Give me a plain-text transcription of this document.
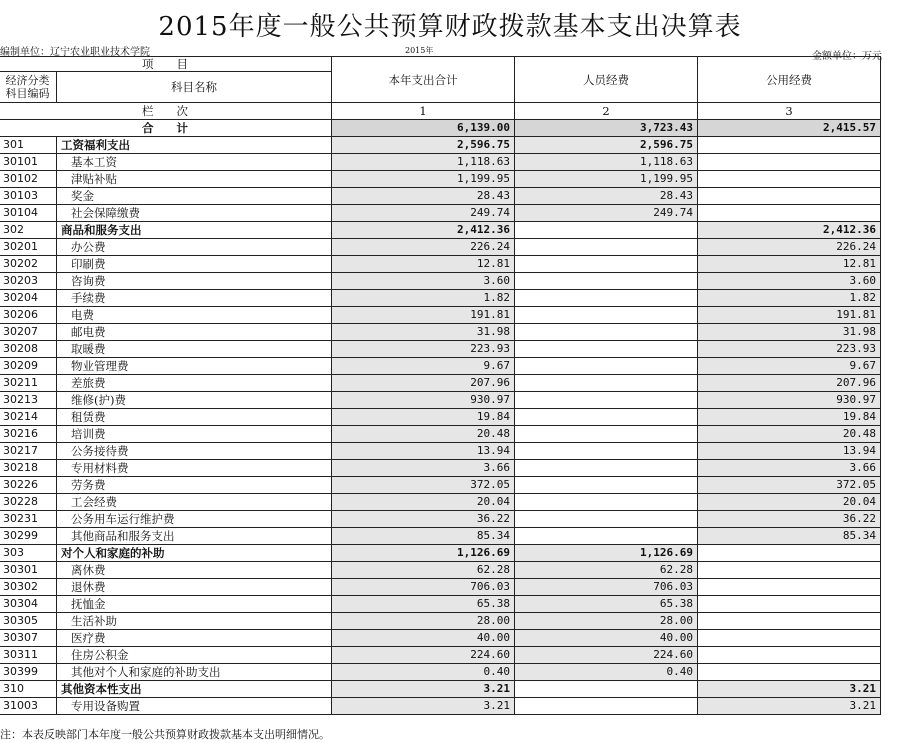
2015年度一般公共预算财政拨款基本支出决算表
编制单位：辽宁农业职业技术学院	2015年
金额单位：万元
项　　目		本年支出合计	人员经费	公用经费
经济分类科目编码	科目名称			
栏　　次		1	2	3
合　　计		6,139.00	3,723.43	2,415.57
301	工资福利支出	2,596.75	2,596.75	
30101	基本工资	1,118.63	1,118.63	
30102	津贴补贴	1,199.95	1,199.95	
30103	奖金	28.43	28.43	
30104	社会保障缴费	249.74	249.74	
302	商品和服务支出	2,412.36		2,412.36
30201	办公费	226.24		226.24
30202	印刷费	12.81		12.81
30203	咨询费	3.60		3.60
30204	手续费	1.82		1.82
30206	电费	191.81		191.81
30207	邮电费	31.98		31.98
30208	取暖费	223.93		223.93
30209	物业管理费	9.67		9.67
30211	差旅费	207.96		207.96
30213	维修(护)费	930.97		930.97
30214	租赁费	19.84		19.84
30216	培训费	20.48		20.48
30217	公务接待费	13.94		13.94
30218	专用材料费	3.66		3.66
30226	劳务费	372.05		372.05
30228	工会经费	20.04		20.04
30231	公务用车运行维护费	36.22		36.22
30299	其他商品和服务支出	85.34		85.34
303	对个人和家庭的补助	1,126.69	1,126.69	
30301	离休费	62.28	62.28	
30302	退休费	706.03	706.03	
30304	抚恤金	65.38	65.38	
30305	生活补助	28.00	28.00	
30307	医疗费	40.00	40.00	
30311	住房公积金	224.60	224.60	
30399	其他对个人和家庭的补助支出	0.40	0.40	
310	其他资本性支出	3.21		3.21
31003	专用设备购置	3.21		3.21
注：本表反映部门本年度一般公共预算财政拨款基本支出明细情况。
